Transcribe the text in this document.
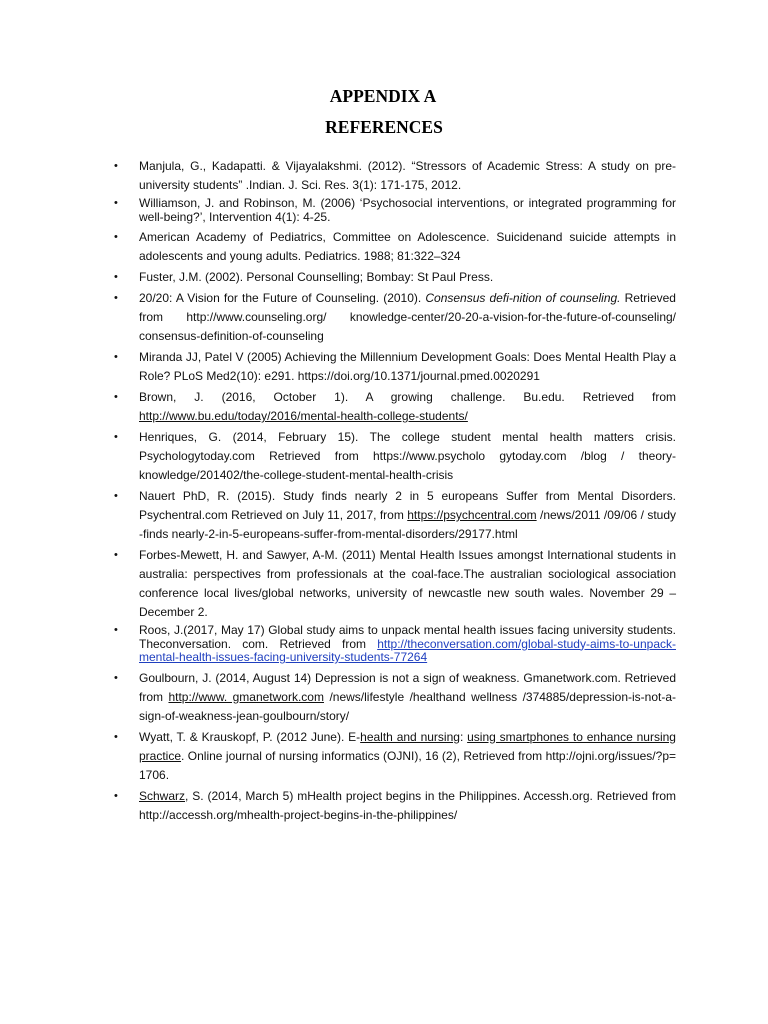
APPENDIX A
REFERENCES
• Manjula, G., Kadapatti. & Vijayalakshmi. (2012). “Stressors of Academic Stress: A study on pre-university students” .Indian. J. Sci. Res. 3(1): 171-175, 2012.
• Williamson, J. and Robinson, M. (2006) ‘Psychosocial interventions, or integrated programming for well-being?’, Intervention 4(1): 4-25.
• American Academy of Pediatrics, Committee on Adolescence. Suicidenand suicide attempts in adolescents and young adults. Pediatrics. 1988; 81:322–324
• Fuster, J.M. (2002). Personal Counselling; Bombay: St Paul Press.
• 20/20: A Vision for the Future of Counseling. (2010). Consensus defi-nition of counseling. Retrieved from http://www.counseling.org/ knowledge-center/20-20-a-vision-for-the-future-of-counseling/ consensus-definition-of-counseling
• Miranda JJ, Patel V (2005) Achieving the Millennium Development Goals: Does Mental Health Play a Role? PLoS Med2(10): e291. https://doi.org/10.1371/journal.pmed.0020291
• Brown, J. (2016, October 1). A growing challenge. Bu.edu. Retrieved from http://www.bu.edu/today/2016/mental-health-college-students/
• Henriques, G. (2014, February 15). The college student mental health matters crisis. Psychologytoday.com Retrieved from https://www.psycholo gytoday.com /blog / theory-knowledge/201402/the-college-student-mental-health-crisis
• Nauert PhD, R. (2015). Study finds nearly 2 in 5 europeans Suffer from Mental Disorders. Psychentral.com Retrieved on July 11, 2017, from https://psychcentral.com /news/2011 /09/06 / study -finds nearly-2-in-5-europeans-suffer-from-mental-disorders/29177.html
• Forbes-Mewett, H. and Sawyer, A-M. (2011) Mental Health Issues amongst International students in australia: perspectives from professionals at the coal-face.The australian sociological association conference local lives/global networks, university of newcastle new south wales. November 29 – December 2.
• Roos, J.(2017, May 17) Global study aims to unpack mental health issues facing university students. Theconversation. com. Retrieved from http://theconversation.com/global-study-aims-to-unpack-mental-health-issues-facing-university-students-77264
• Goulbourn, J. (2014, August 14) Depression is not a sign of weakness. Gmanetwork.com. Retrieved from http://www. gmanetwork.com /news/lifestyle /healthand wellness /374885/depression-is-not-a-sign-of-weakness-jean-goulbourn/story/
• Wyatt, T. & Krauskopf, P. (2012 June). E-health and nursing: using smartphones to enhance nursing practice. Online journal of nursing informatics (OJNI), 16 (2), Retrieved from http://ojni.org/issues/?p= 1706.
• Schwarz, S. (2014, March 5) mHealth project begins in the Philippines. Accessh.org. Retrieved from http://accessh.org/mhealth-project-begins-in-the-philippines/
